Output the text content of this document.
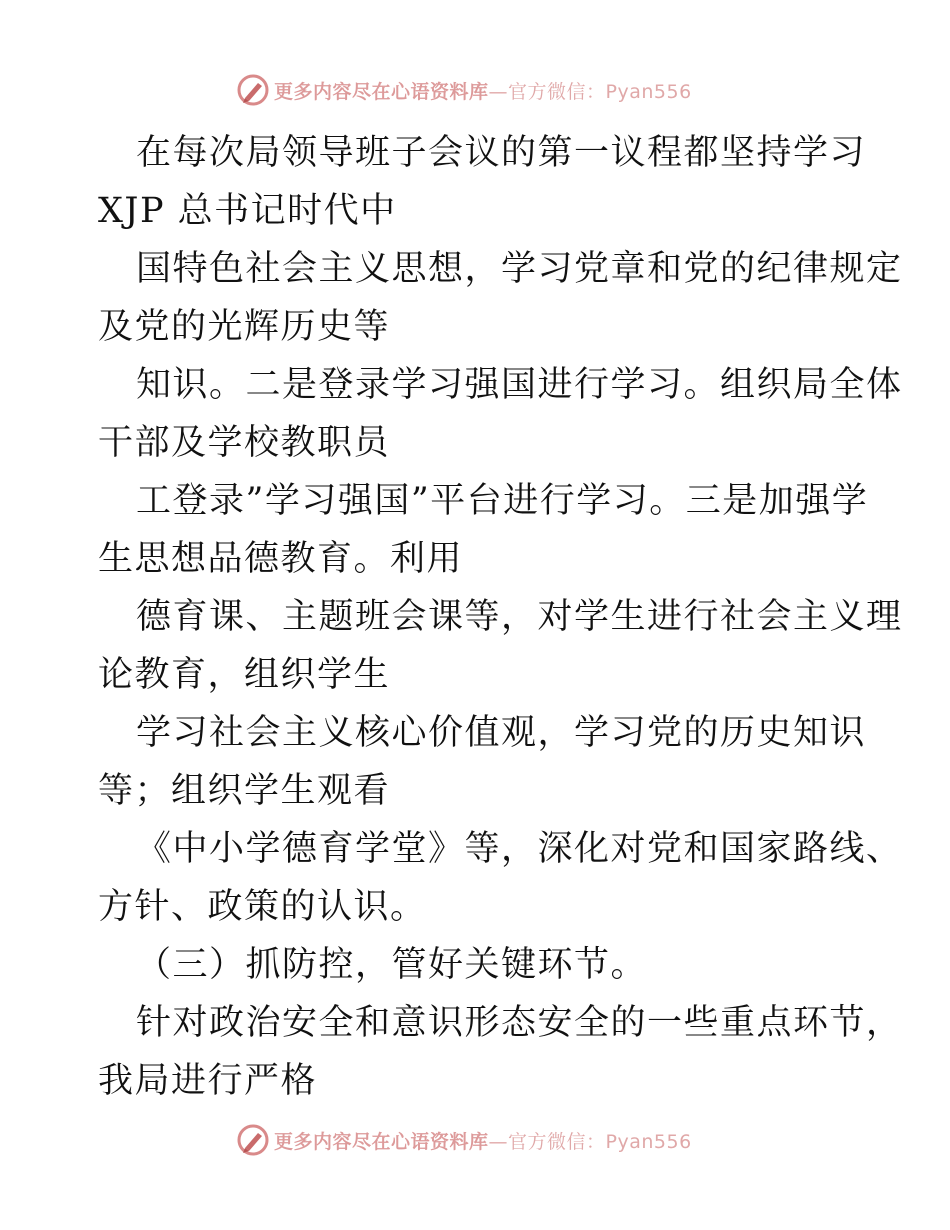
更多内容尽在心语资料库—官方微信：Pyan556
在每次局领导班子会议的第一议程都坚持学习
XJP 总书记时代中
国特色社会主义思想，学习党章和党的纪律规定
及党的光辉历史等
知识。二是登录学习强国进行学习。组织局全体
干部及学校教职员
工登录”学习强国”平台进行学习。三是加强学
生思想品德教育。利用
德育课、主题班会课等，对学生进行社会主义理
论教育，组织学生
学习社会主义核心价值观，学习党的历史知识
等；组织学生观看
《中小学德育学堂》等，深化对党和国家路线、
方针、政策的认识。
（三）抓防控，管好关键环节。
针对政治安全和意识形态安全的一些重点环节，
我局进行严格
更多内容尽在心语资料库—官方微信：Pyan556
